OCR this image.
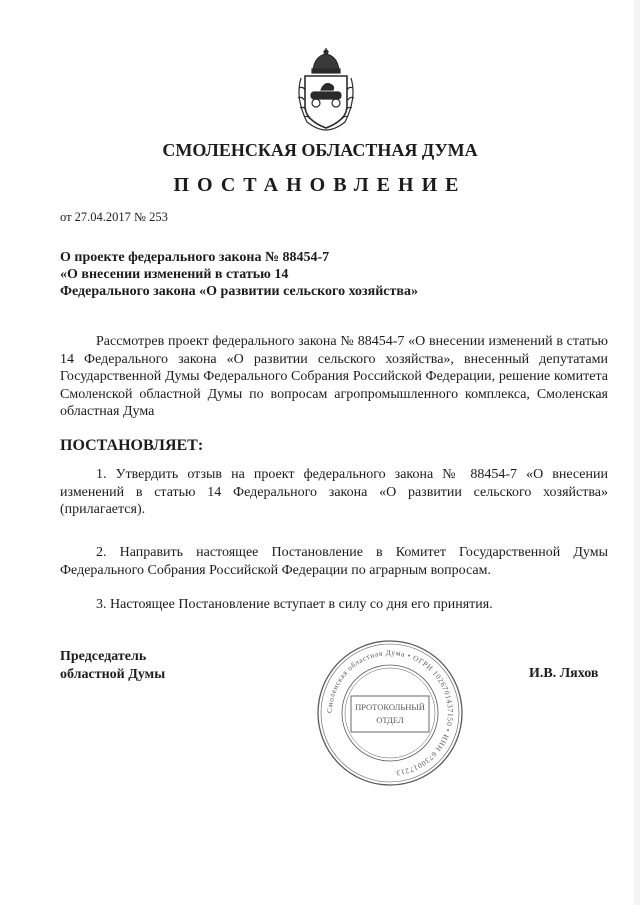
СМОЛЕНСКАЯ ОБЛАСТНАЯ ДУМА
ПОСТАНОВЛЕНИЕ
от 27.04.2017 № 253
О проекте федерального закона № 88454-7
«О внесении изменений в статью 14
Федерального закона «О развитии сельского хозяйства»
Рассмотрев проект федерального закона № 88454-7 «О внесении изменений в статью 14 Федерального закона «О развитии сельского хозяйства», внесенный депутатами Государственной Думы Федерального Собрания Российской Федерации, решение комитета Смоленской областной Думы по вопросам агропромышленного комплекса, Смоленская областная Дума
ПОСТАНОВЛЯЕТ:
1. Утвердить отзыв на проект федерального закона № 88454-7 «О внесении изменений в статью 14 Федерального закона «О развитии сельского хозяйства» (прилагается).
2. Направить настоящее Постановление в Комитет Государственной Думы Федерального Собрания Российской Федерации по аграрным вопросам.
3. Настоящее Постановление вступает в силу со дня его принятия.
Председатель
областной Думы	И.В. Ляхов
Смоленская областная Дума • ОГРН 1026701437150 • ИНН 6730017213
ПРОТОКОЛЬНЫЙ
ОТДЕЛ
